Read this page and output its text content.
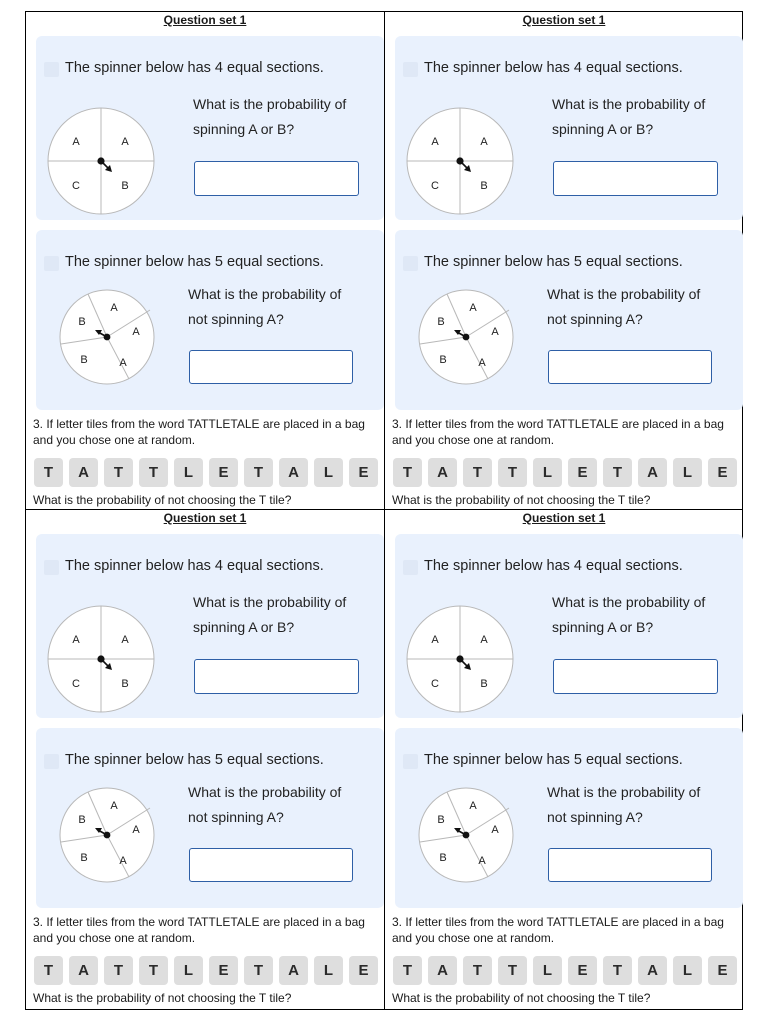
Question set 1
The spinner below has 4 equal sections.
A	A
B
C
What is the probability of
spinning A or B?
The spinner below has 5 equal sections.
A
A
A
B
B
What is the probability of
not spinning A?
3. If letter tiles from the word TATTLETALE are placed in a bag
and you chose one at random.
T	A	T	T	L	E	T	A	L	E
What is the probability of not choosing the T tile?
Question set 1
The spinner below has 4 equal sections.
A	A
B
C
What is the probability of
spinning A or B?
The spinner below has 5 equal sections.
A
A
A
B
B
What is the probability of
not spinning A?
3. If letter tiles from the word TATTLETALE are placed in a bag
and you chose one at random.
T	A	T	T	L	E	T	A	L	E
What is the probability of not choosing the T tile?
Question set 1
The spinner below has 4 equal sections.
A	A
B
C
What is the probability of
spinning A or B?
The spinner below has 5 equal sections.
A
A
A
B
B
What is the probability of
not spinning A?
3. If letter tiles from the word TATTLETALE are placed in a bag
and you chose one at random.
T	A	T	T	L	E	T	A	L	E
What is the probability of not choosing the T tile?
Question set 1
The spinner below has 4 equal sections.
A	A
B
C
What is the probability of
spinning A or B?
The spinner below has 5 equal sections.
A
A
A
B
B
What is the probability of
not spinning A?
3. If letter tiles from the word TATTLETALE are placed in a bag
and you chose one at random.
T	A	T	T	L	E	T	A	L	E
What is the probability of not choosing the T tile?
